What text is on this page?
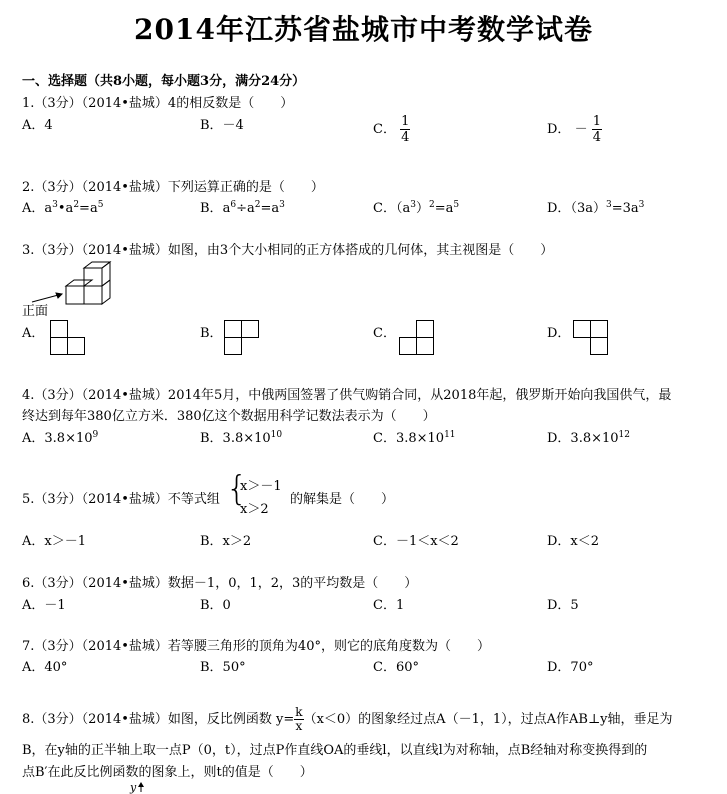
2014年江苏省盐城市中考数学试卷
一、选择题（共8小题，每小题3分，满分24分）
1.（3分）（2014•盐城）4的相反数是（　　）
A．4	B．－4	C． $\frac{1}{4}$	D． － $\frac{1}{4}$
2.（3分）（2014•盐城）下列运算正确的是（　　）
A．$a^3•a^2=a^5$	B．$a^6\div a^2=a^3$	C．$(a^3)^2=a^5$	D．$(3a)^3=3a^3$
3.（3分）（2014•盐城）如图，由3个大小相同的正方体搭成的几何体，其主视图是（　　）
正面
A．	B．	C．	D．
4.（3分）（2014•盐城）2014年5月，中俄两国签署了供气购销合同，从2018年起，俄罗斯开始向我国供气，最
终达到每年380亿立方米．380亿这个数据用科学记数法表示为（　　）
A．$3.8\times 10^9$	B．$3.8\times 10^{10}$	C．$3.8\times 10^{11}$	D．$3.8\times 10^{12}$
5.（3分）（2014•盐城）不等式组 {
x＞－1
x＞2
的解集是（　　）
A．x＞－1	B．x＞2	C．－1＜x＜2	D．x＜2
6.（3分）（2014•盐城）数据－1，0，1，2，3的平均数是（　　）
A．－1	B．0	C．1	D．5
7.（3分）（2014•盐城）若等腰三角形的顶角为40°，则它的底角度数为（　　）
A．40°	B．50°	C．60°	D．70°
8.（3分）（2014•盐城）如图，反比例函数 $y= \frac{k}{x} (x<0)$的图象经过点A（－1，1），过点A作AB⊥y轴，垂足为
B，在y轴的正半轴上取一点P（0，t），过点P作直线OA的垂线l，以直线l为对称轴，点B经轴对称变换得到的
点B′在此反比例函数的图象上，则t的值是（　　）
y
